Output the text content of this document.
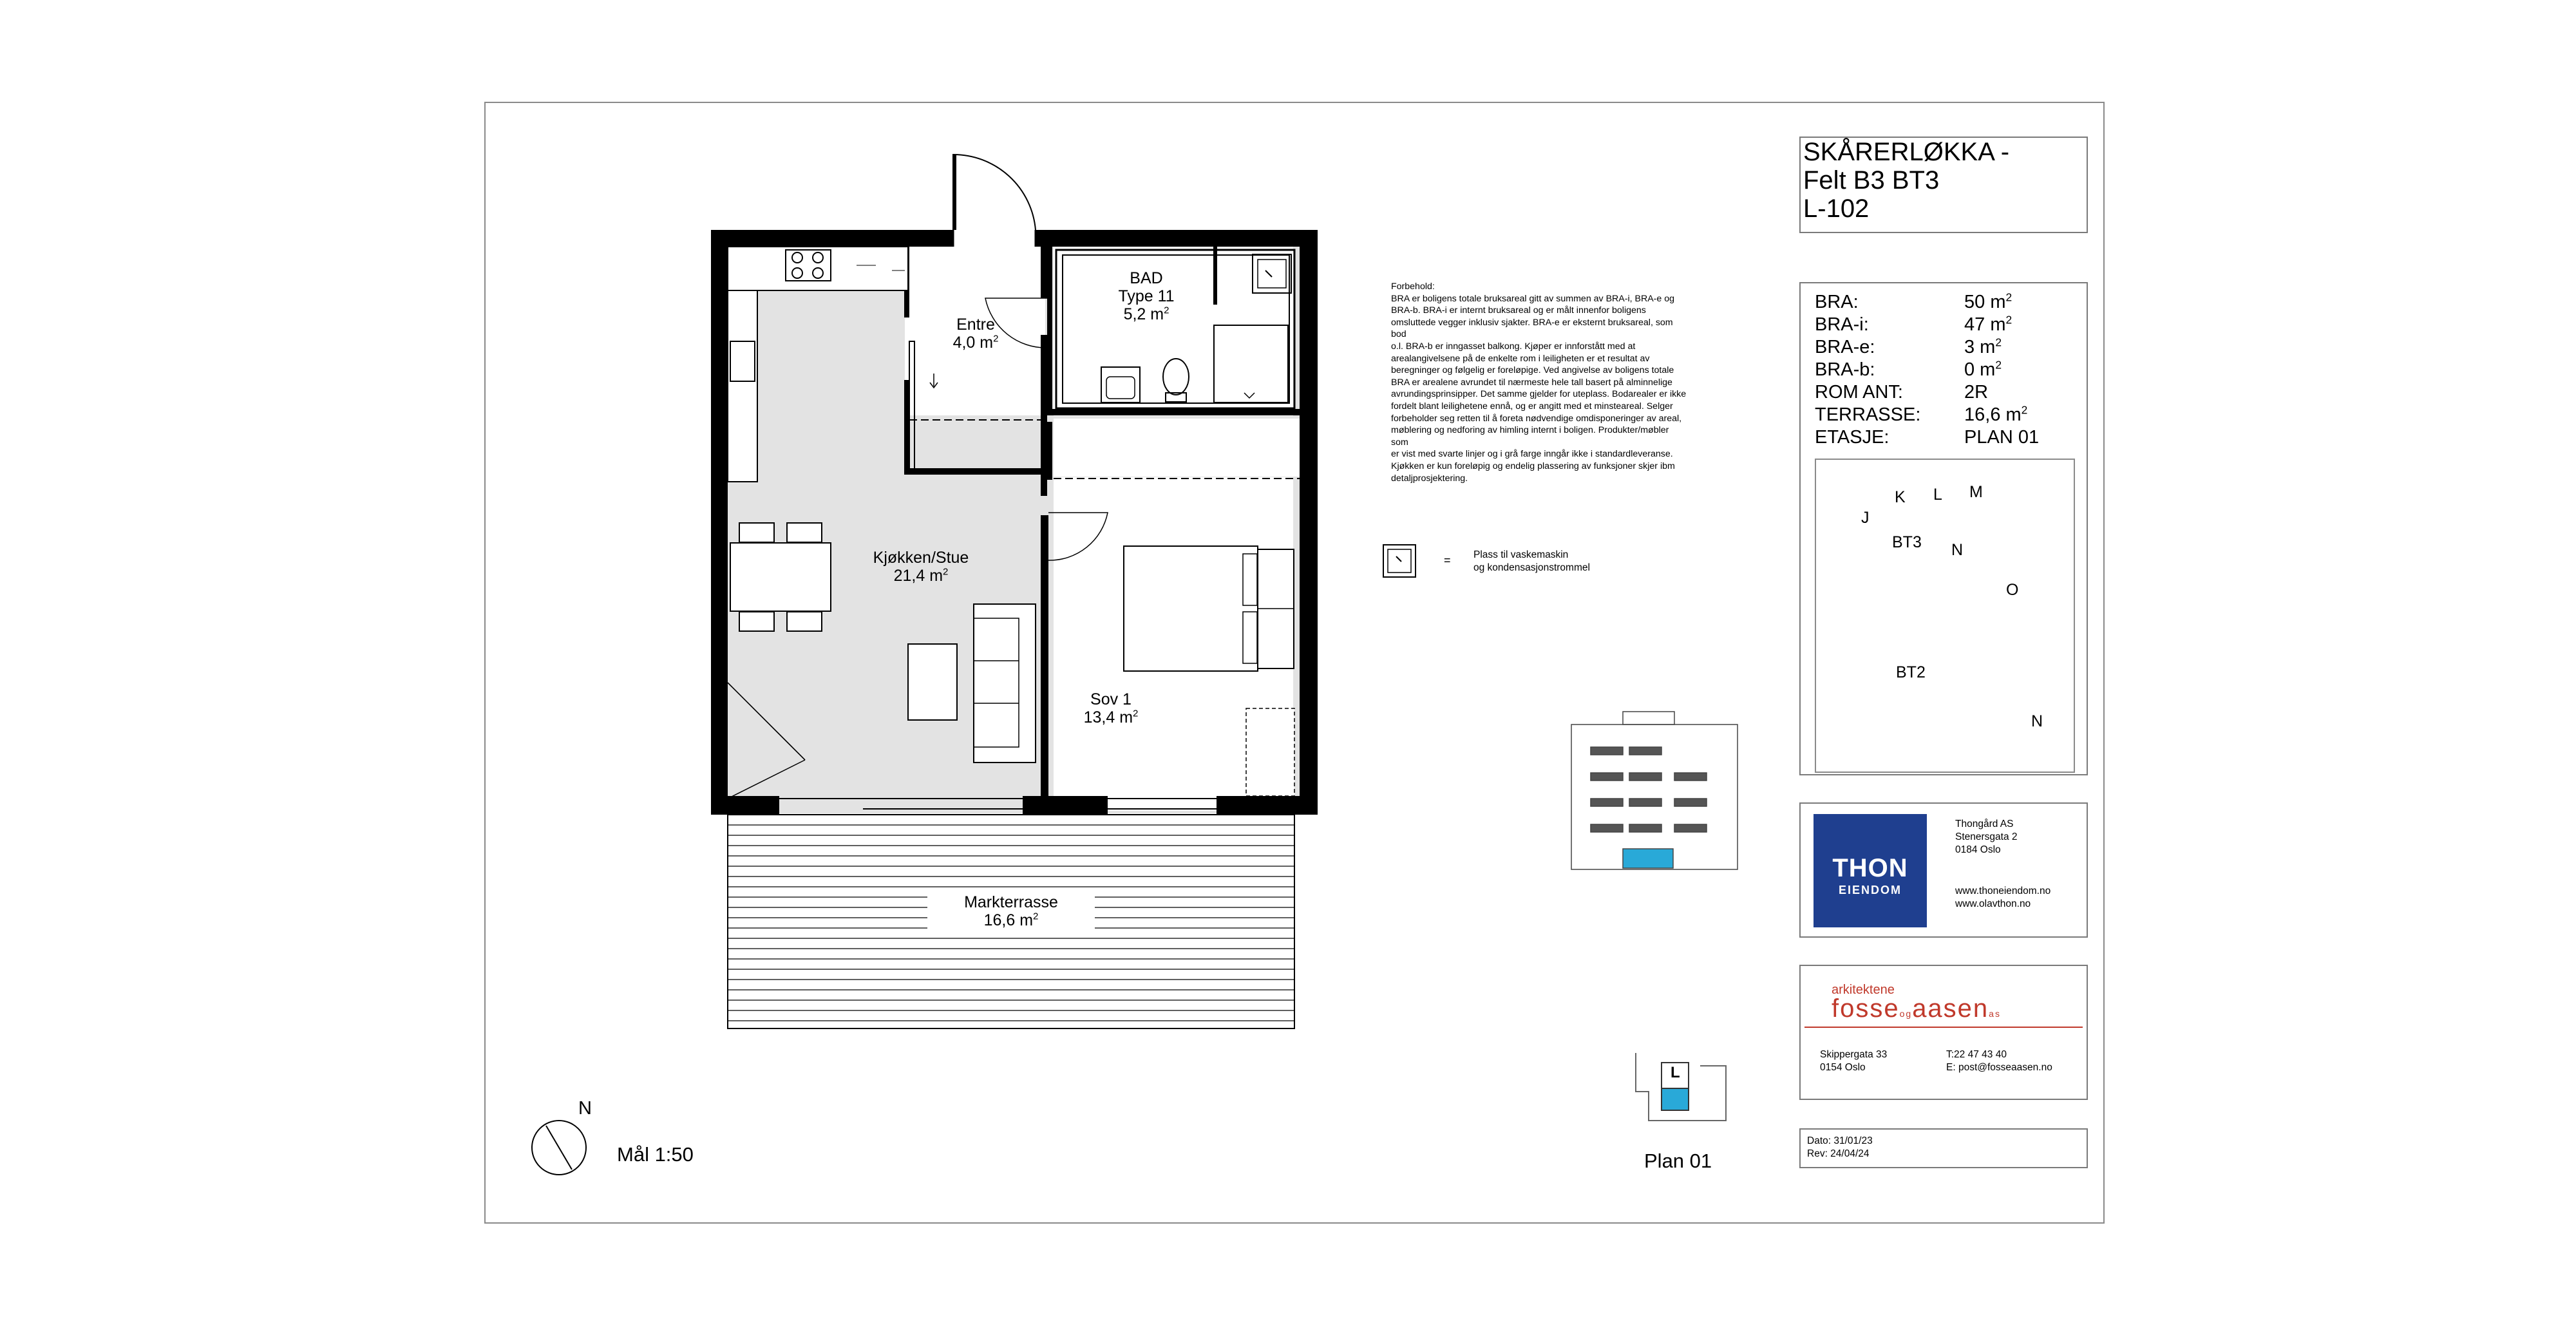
BAD
Type 11
5,2 $m^2$
Entre
4,0 $m^2$
Kjøkken/Stue
21,4 $m^2$
Sov 1
13,4 $m^2$
Markterrasse
16,6 $m^2$
Forbehold:
BRA er boligens totale bruksareal gitt av summen av BRA-i, BRA-e og
BRA-b. BRA-i er internt bruksareal og er målt innenfor boligens
omsluttede vegger inklusiv sjakter. BRA-e er eksternt bruksareal, som bod
o.l. BRA-b er inngasset balkong. Kjøper er innforstått med at
arealangivelsene på de enkelte rom i leiligheten er et resultat av
beregninger og følgelig er foreløpige. Ved angivelse av boligens totale
BRA er arealene avrundet til nærmeste hele tall basert på alminnelige
avrundingsprinsipper. Det samme gjelder for uteplass. Bodarealer er ikke
fordelt blant leilighetene ennå, og er angitt med et minsteareal. Selger
forbeholder seg retten til å foreta nødvendige omdisponeringer av areal,
møblering og nedforing av himling internt i boligen. Produkter/møbler som
er vist med svarte linjer og i grå farge inngår ikke i standardleveranse.
Kjøkken er kun foreløpig og endelig plassering av funksjoner skjer ibm
detaljprosjektering.
= Plass til vaskemaskin
og kondensasjonstrommel
N
Mål 1:50
L
Plan 01
SKÅRERLØKKA -
Felt B3 BT3
L-102
BRA:	50 $m^2$
BRA-i:	47 $m^2$
BRA-e:	3 $m^2$
BRA-b:	0 $m^2$
ROM ANT:	2R
TERRASSE: 16,6 $m^2$
ETASJE:	PLAN 01
J
K L M
BT3 N
O
BT2
N
THON
EIENDOM
Thongård AS
Stenersgata 2
0184 Oslo
www.thoneiendom.no
www.olavthon.no
arkitektene
fosseogaasenas
Skippergata 33
0154 Oslo
T:22 47 43 40
E: post@fosseaasen.no
Dato: 31/01/23
Rev: 24/04/24
